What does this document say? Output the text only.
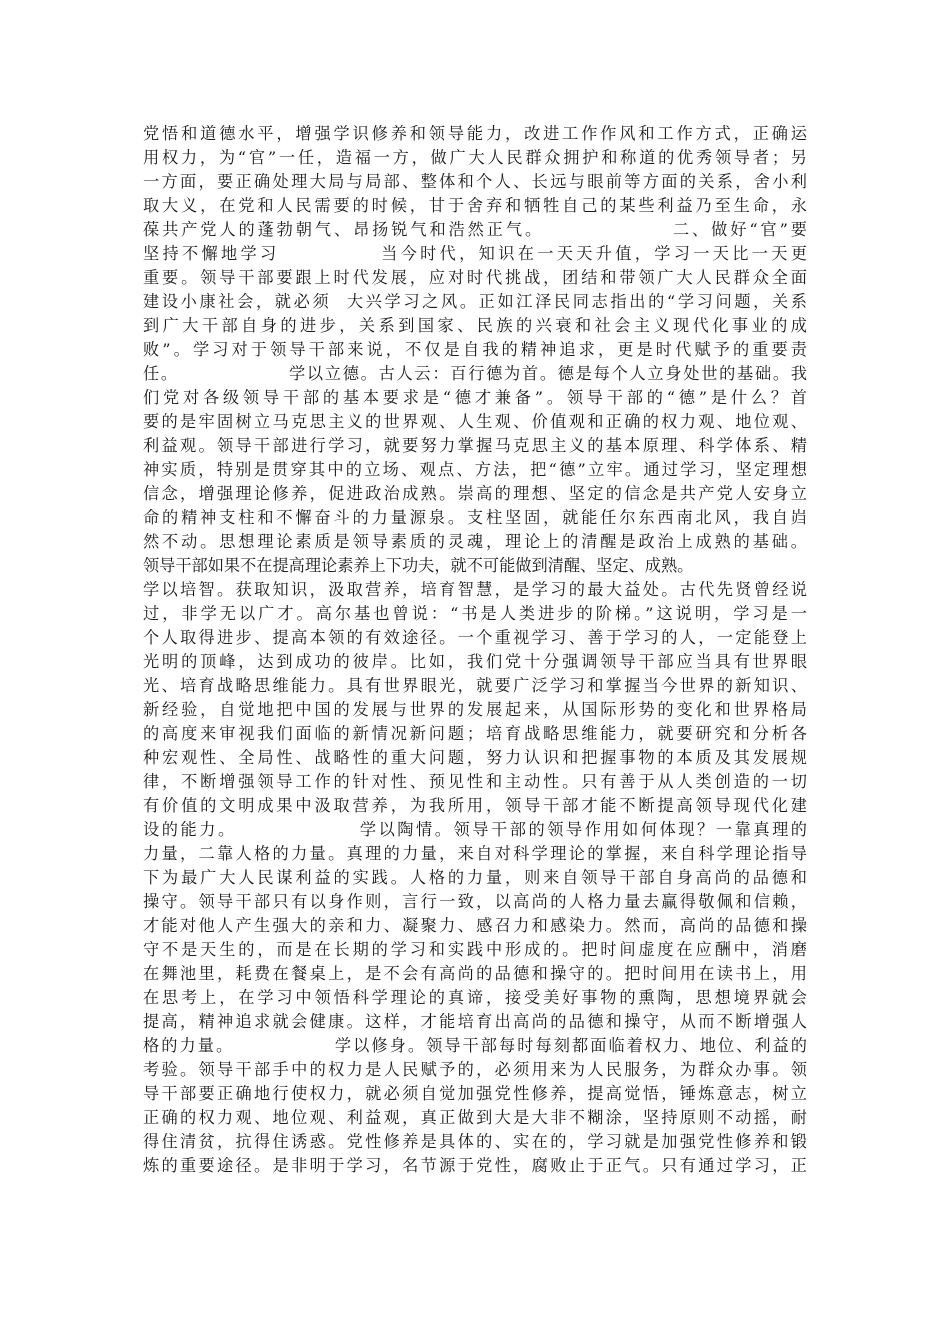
党悟和道德水平，增强学识修养和领导能力，改进工作作风和工作方式，正确运
用权力，为“官”一任，造福一方，做广大人民群众拥护和称道的优秀领导者；另
一方面，要正确处理大局与局部、整体和个人、长远与眼前等方面的关系，舍小利
取大义，在党和人民需要的时候，甘于舍弃和牺牲自己的某些利益乃至生命，永
葆共产党人的蓬勃朝气、昂扬锐气和浩然正气。                二、做好“官”要
坚持不懈地学习            当今时代，知识在一天天升值，学习一天比一天更
重要。领导干部要跟上时代发展，应对时代挑战，团结和带领广大人民群众全面
建设小康社会，就必须  大兴学习之风。正如江泽民同志指出的“学习问题，关系
到广大干部自身的进步，关系到国家、民族的兴衰和社会主义现代化事业的成
败”。学习对于领导干部来说，不仅是自我的精神追求，更是时代赋予的重要责
任。                学以立德。古人云：百行德为首。德是每个人立身处世的基础。我
们党对各级领导干部的基本要求是“德才兼备”。领导干部的“德”是什么？首
要的是牢固树立马克思主义的世界观、人生观、价值观和正确的权力观、地位观、
利益观。领导干部进行学习，就要努力掌握马克思主义的基本原理、科学体系、精
神实质，特别是贯穿其中的立场、观点、方法，把“德”立牢。通过学习，坚定理想
信念，增强理论修养，促进政治成熟。崇高的理想、坚定的信念是共产党人安身立
命的精神支柱和不懈奋斗的力量源泉。支柱坚固，就能任尔东西南北风，我自岿
然不动。思想理论素质是领导素质的灵魂，理论上的清醒是政治上成熟的基础。
领导干部如果不在提高理论素养上下功夫，就不可能做到清醒、坚定、成熟。
学以培智。获取知识，汲取营养，培育智慧，是学习的最大益处。古代先贤曾经说
过，非学无以广才。高尔基也曾说：“书是人类进步的阶梯。”这说明，学习是一
个人取得进步、提高本领的有效途径。一个重视学习、善于学习的人，一定能登上
光明的顶峰，达到成功的彼岸。比如，我们党十分强调领导干部应当具有世界眼
光、培育战略思维能力。具有世界眼光，就要广泛学习和掌握当今世界的新知识、
新经验，自觉地把中国的发展与世界的发展起来，从国际形势的变化和世界格局
的高度来审视我们面临的新情况新问题；培育战略思维能力，就要研究和分析各
种宏观性、全局性、战略性的重大问题，努力认识和把握事物的本质及其发展规
律，不断增强领导工作的针对性、预见性和主动性。只有善于从人类创造的一切
有价值的文明成果中汲取营养，为我所用，领导干部才能不断提高领导现代化建
设的能力。                学以陶情。领导干部的领导作用如何体现？一靠真理的
力量，二靠人格的力量。真理的力量，来自对科学理论的掌握，来自科学理论指导
下为最广大人民谋利益的实践。人格的力量，则来自领导干部自身高尚的品德和
操守。领导干部只有以身作则，言行一致，以高尚的人格力量去赢得敬佩和信赖，
才能对他人产生强大的亲和力、凝聚力、感召力和感染力。然而，高尚的品德和操
守不是天生的，而是在长期的学习和实践中形成的。把时间虚度在应酬中，消磨
在舞池里，耗费在餐桌上，是不会有高尚的品德和操守的。把时间用在读书上，用
在思考上，在学习中领悟科学理论的真谛，接受美好事物的熏陶，思想境界就会
提高，精神追求就会健康。这样，才能培育出高尚的品德和操守，从而不断增强人
格的力量。              学以修身。领导干部每时每刻都面临着权力、地位、利益的
考验。领导干部手中的权力是人民赋予的，必须用来为人民服务，为群众办事。领
导干部要正确地行使权力，就必须自觉加强党性修养，提高觉悟，锤炼意志，树立
正确的权力观、地位观、利益观，真正做到大是大非不糊涂，坚持原则不动摇，耐
得住清贫，抗得住诱惑。党性修养是具体的、实在的，学习就是加强党性修养和锻
炼的重要途径。是非明于学习，名节源于党性，腐败止于正气。只有通过学习，正
